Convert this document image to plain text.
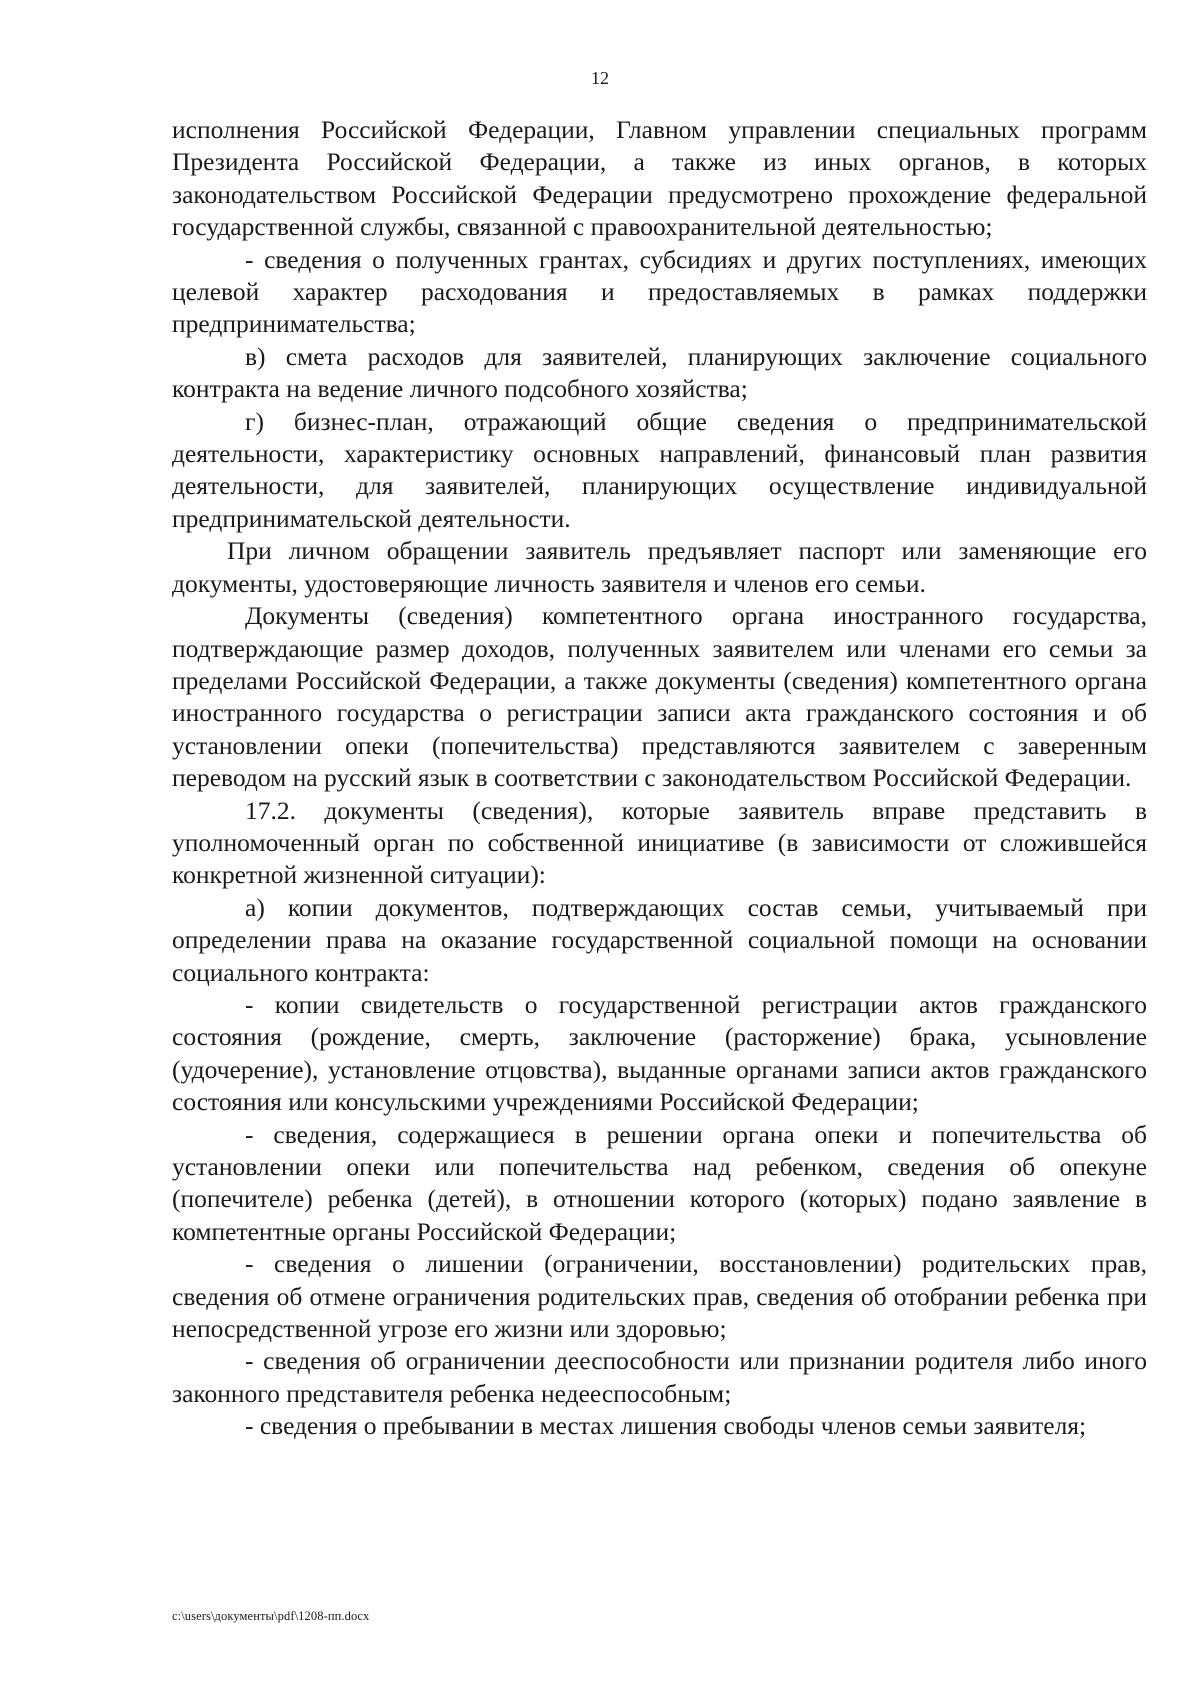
12

исполнения Российской Федерации, Главном управлении специальных программ Президента Российской Федерации, а также из иных органов, в которых законодательством Российской Федерации предусмотрено прохождение федеральной государственной службы, связанной с правоохранительной деятельностью;

- сведения о полученных грантах, субсидиях и других поступлениях, имеющих целевой характер расходования и предоставляемых в рамках поддержки предпринимательства;

в) смета расходов для заявителей, планирующих заключение социального контракта на ведение личного подсобного хозяйства;

г) бизнес-план, отражающий общие сведения о предпринимательской деятельности, характеристику основных направлений, финансовый план развития деятельности, для заявителей, планирующих осуществление индивидуальной предпринимательской деятельности.

При личном обращении заявитель предъявляет паспорт или заменяющие его документы, удостоверяющие личность заявителя и членов его семьи.

Документы (сведения) компетентного органа иностранного государства, подтверждающие размер доходов, полученных заявителем или членами его семьи за пределами Российской Федерации, а также документы (сведения) компетентного органа иностранного государства о регистрации записи акта гражданского состояния и об установлении опеки (попечительства) представляются заявителем с заверенным переводом на русский язык в соответствии с законодательством Российской Федерации.

17.2. документы (сведения), которые заявитель вправе представить в уполномоченный орган по собственной инициативе (в зависимости от сложившейся конкретной жизненной ситуации):

а) копии документов, подтверждающих состав семьи, учитываемый при определении права на оказание государственной социальной помощи на основании социального контракта:

- копии свидетельств о государственной регистрации актов гражданского состояния (рождение, смерть, заключение (расторжение) брака, усыновление (удочерение), установление отцовства), выданные органами записи актов гражданского состояния или консульскими учреждениями Российской Федерации;

- сведения, содержащиеся в решении органа опеки и попечительства об установлении опеки или попечительства над ребенком, сведения об опекуне (попечителе) ребенка (детей), в отношении которого (которых) подано заявление в компетентные органы Российской Федерации;

- сведения о лишении (ограничении, восстановлении) родительских прав, сведения об отмене ограничения родительских прав, сведения об отобрании ребенка при непосредственной угрозе его жизни или здоровью;

- сведения об ограничении дееспособности или признании родителя либо иного законного представителя ребенка недееспособным;

- сведения о пребывании в местах лишения свободы членов семьи заявителя;

c:\users\документы\pdf\1208-пп.docx
